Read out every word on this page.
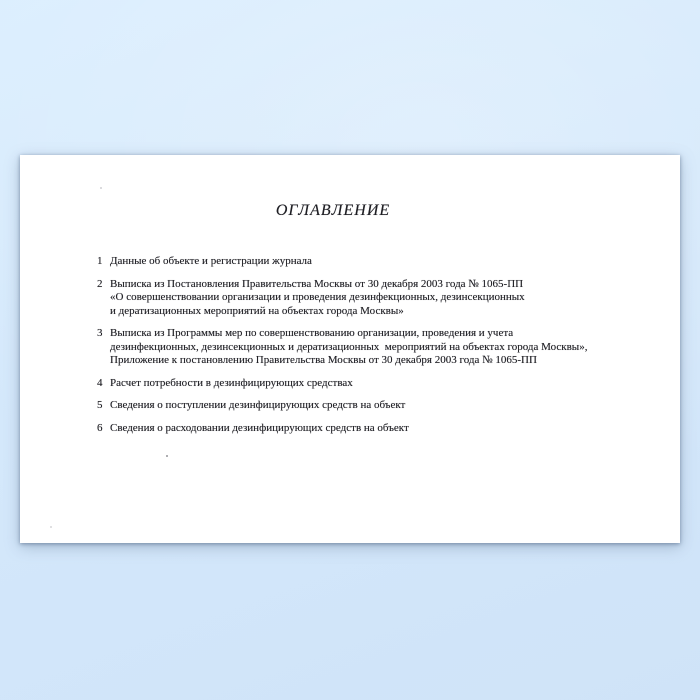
ОГЛАВЛЕНИЕ
1 Данные об объекте и регистрации журнала
2 Выписка из Постановления Правительства Москвы от 30 декабря 2003 года № 1065-ПП
«О совершенствовании организации и проведения дезинфекционных, дезинсекционных
и дератизационных мероприятий на объектах города Москвы»
3 Выписка из Программы мер по совершенствованию организации, проведения и учета
дезинфекционных, дезинсекционных и дератизационных  мероприятий на объектах города Москвы»,
Приложение к постановлению Правительства Москвы от 30 декабря 2003 года № 1065-ПП
4 Расчет потребности в дезинфицирующих средствах
5 Сведения о поступлении дезинфицирующих средств на объект
6 Сведения о расходовании дезинфицирующих средств на объект
